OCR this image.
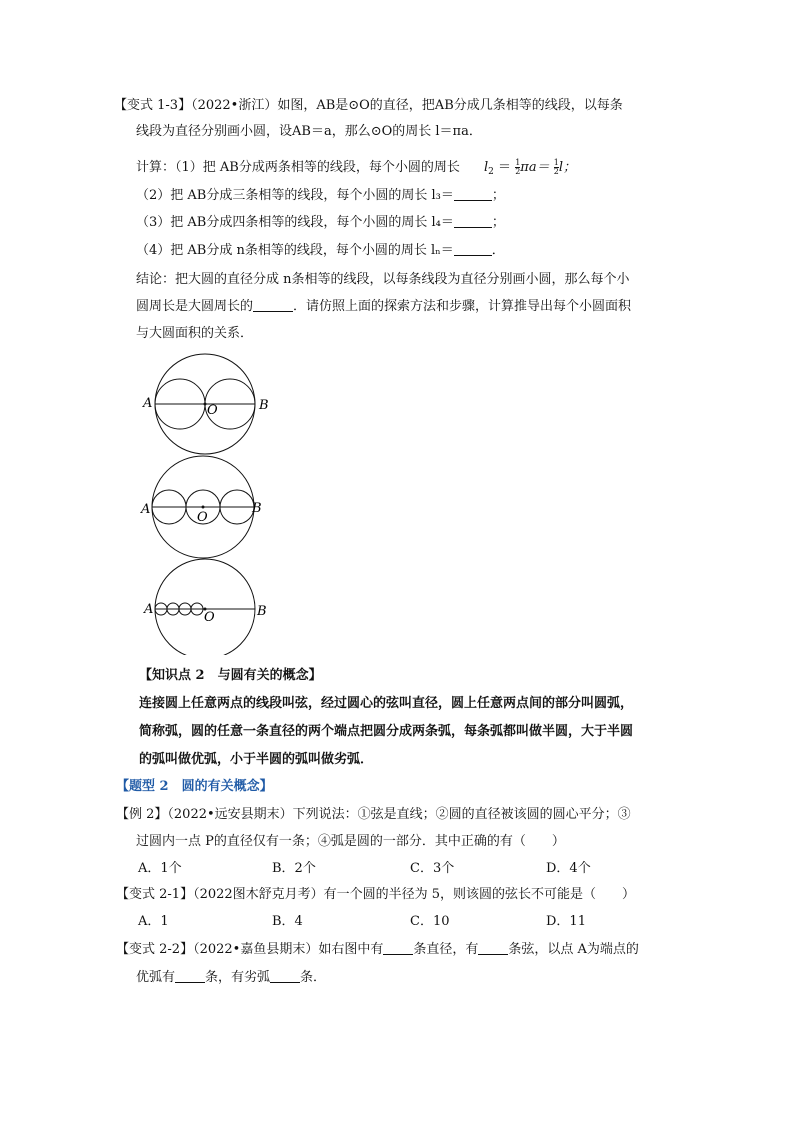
【变式 1-3】（2022•浙江）如图，AB是⊙O的直径，把AB分成几条相等的线段，以每条
线段为直径分别画小圆，设AB＝a，那么⊙O的周长 l＝πa．
计算：（1）把 AB分成两条相等的线段，每个小圆的周长 $l_2 = \frac{1}{2} \pi a= \frac{1}{2}$ l；
（2）把 AB分成三条相等的线段，每个小圆的周长 l₃＝	；
（3）把 AB分成四条相等的线段，每个小圆的周长 l₄＝	；
（4）把 AB分成 n条相等的线段，每个小圆的周长 lₙ＝	．
结论：把大圆的直径分成 n条相等的线段，以每条线段为直径分别画小圆，那么每个小
圆周长是大圆周长的	．请仿照上面的探索方法和步骤，计算推导出每个小圆面积
与大圆面积的关系．
A	B
O
A	B
O
A	B
O
【知识点 2　与圆有关的概念】
连接圆上任意两点的线段叫弦，经过圆心的弦叫直径，圆上任意两点间的部分叫圆弧，
简称弧，圆的任意一条直径的两个端点把圆分成两条弧，每条弧都叫做半圆，大于半圆
的弧叫做优弧，小于半圆的弧叫做劣弧．
【题型 2　圆的有关概念】
【例 2】（2022•远安县期末）下列说法：①弦是直线；②圆的直径被该圆的圆心平分；③
过圆内一点 P的直径仅有一条；④弧是圆的一部分．其中正确的有（　　）
A．1个	B．2个	C．3个	D．4个
【变式 2-1】（2022图木舒克月考）有一个圆的半径为 5，则该圆的弦长不可能是（　　）
A．1	B．4	C．10	D．11
【变式 2-2】（2022•嘉鱼县期末）如右图中有 条直径，有 条弦，以点 A为端点的
优弧有 条，有劣弧 条．
